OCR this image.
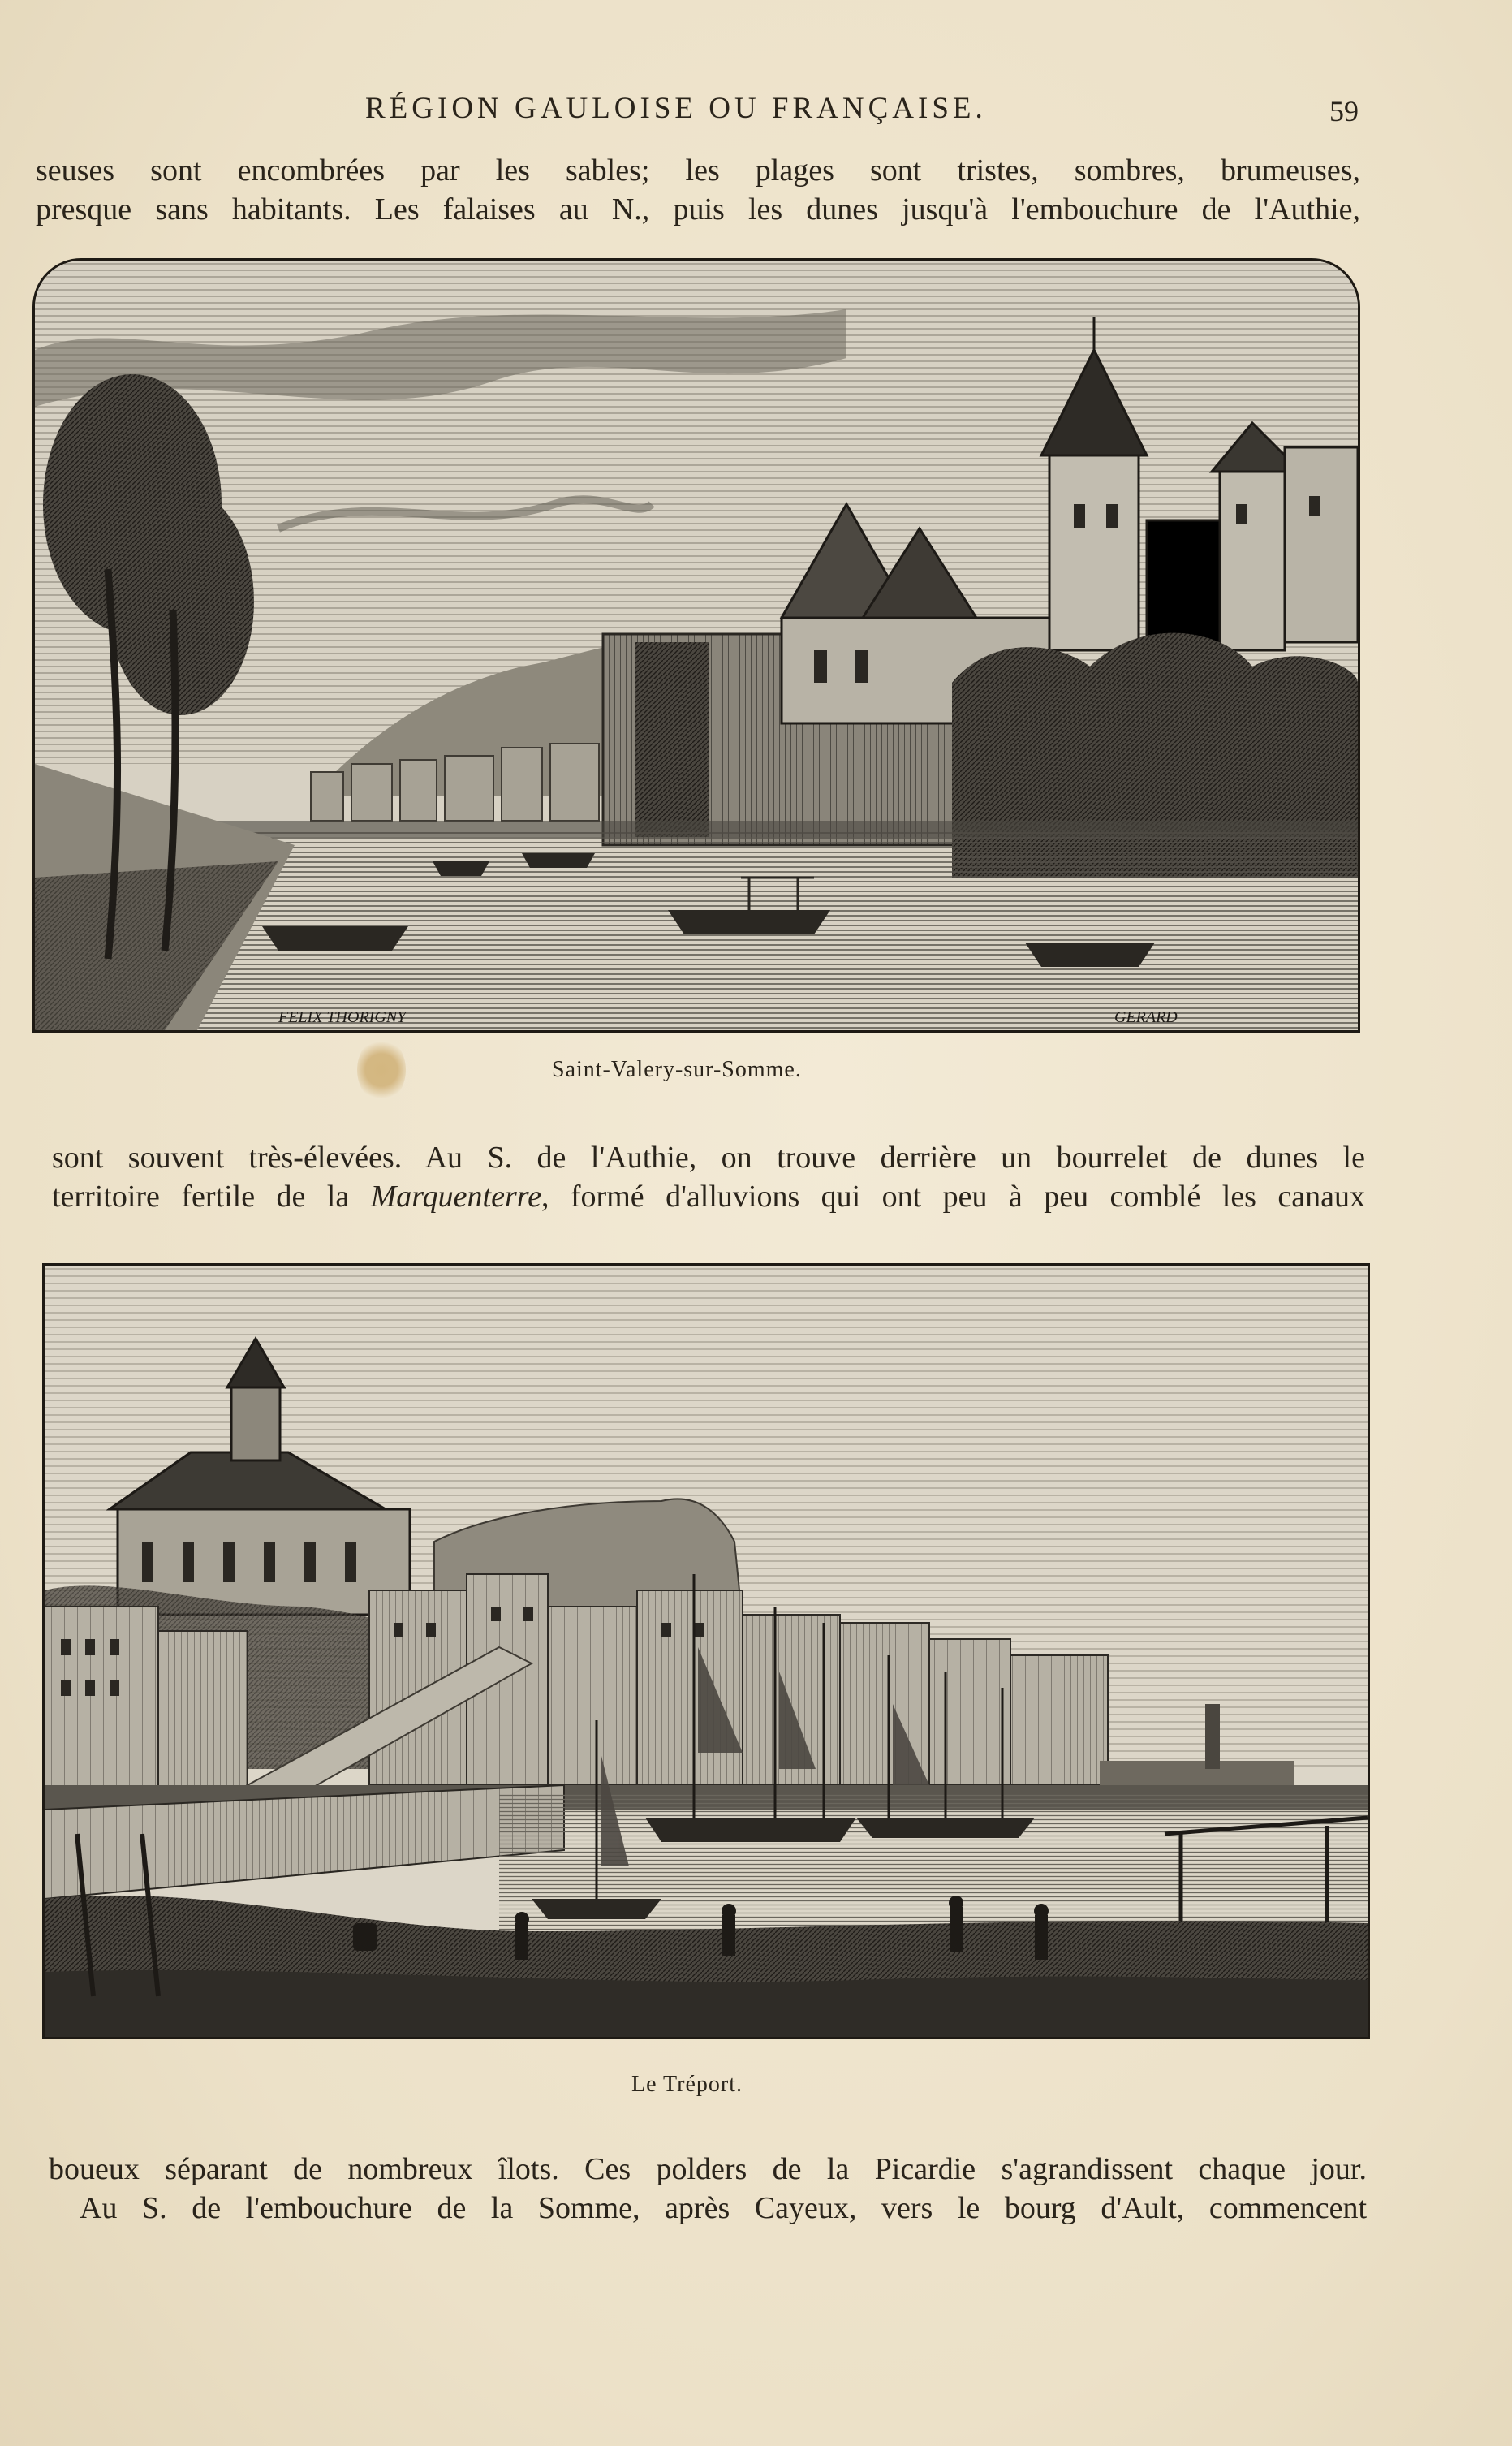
RÉGION GAULOISE OU FRANÇAISE.	59
seuses sont encombrées par les sables; les plages sont tristes, sombres, brumeuses,
presque sans habitants. Les falaises au N., puis les dunes jusqu'à l'embouchure de l'Authie,
FELIX THORIGNY	GERARD
Saint-Valery-sur-Somme.
sont souvent très-élevées. Au S. de l'Authie, on trouve derrière un bourrelet de dunes le
territoire fertile de la Marquenterre, formé d'alluvions qui ont peu à peu comblé les canaux
Le Tréport.
boueux séparant de nombreux îlots. Ces polders de la Picardie s'agrandissent chaque jour.
Au S. de l'embouchure de la Somme, après Cayeux, vers le bourg d'Ault, commencent
